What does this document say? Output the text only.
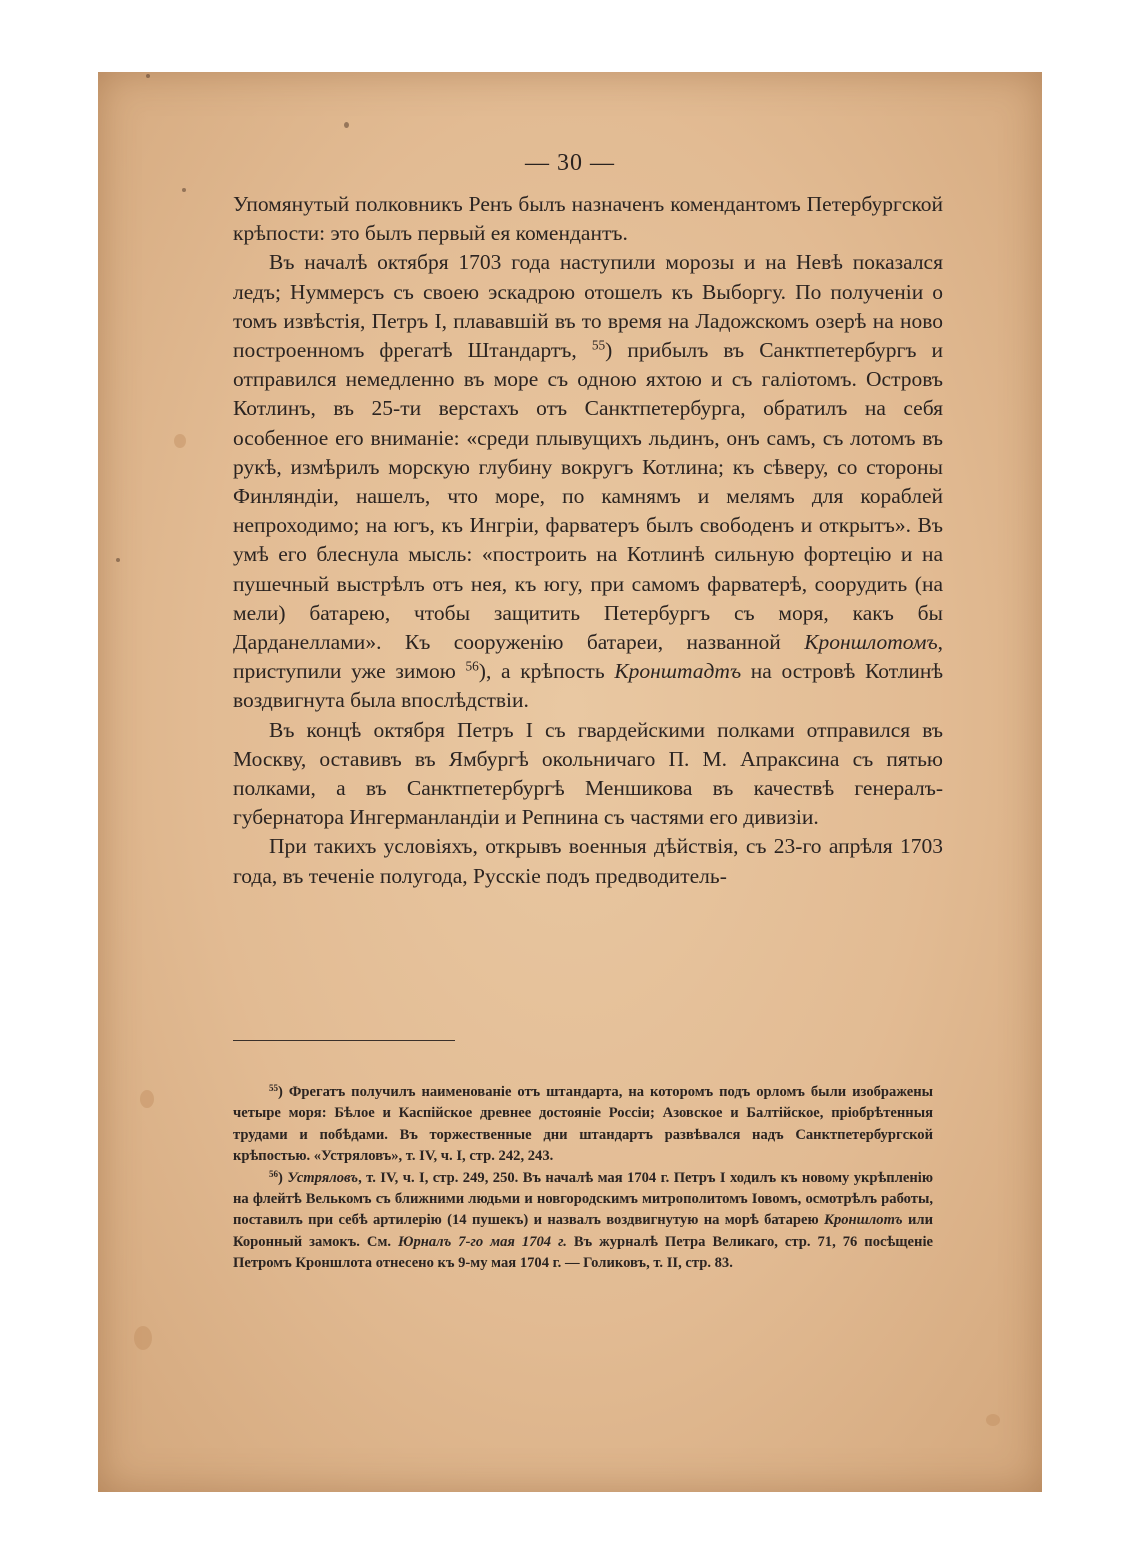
— 30 —

Упомянутый полковникъ Ренъ былъ назначенъ комендантомъ Петербургской крѣпости: это былъ первый ея комендантъ.

Въ началѣ октября 1703 года наступили морозы и на Невѣ показался ледъ; Нуммерсъ съ своею эскадрою отошелъ къ Выборгу. По полученіи о томъ извѣстія, Петръ I, плававшій въ то время на Ладожскомъ озерѣ на ново построенномъ фрегатѣ Штандартъ, $^{55}$) прибылъ въ Санктпетербургъ и отправился немедленно въ море съ одною яхтою и съ галіотомъ. Островъ Котлинъ, въ 25-ти верстахъ отъ Санктпетербурга, обратилъ на себя особенное его вниманіе: «среди плывущихъ льдинъ, онъ самъ, съ лотомъ въ рукѣ, измѣрилъ морскую глубину вокругъ Котлина; къ сѣверу, со стороны Финляндіи, нашелъ, что море, по камнямъ и мелямъ для кораблей непроходимо; на югъ, къ Ингріи, фарватеръ былъ свободенъ и открытъ». Въ умѣ его блеснула мысль: «построить на Котлинѣ сильную фортецію и на пушечный выстрѣлъ отъ нея, къ югу, при самомъ фарватерѣ, соорудить (на мели) батарею, чтобы защитить Петербургъ съ моря, какъ бы Дарданеллами». Къ сооруженію батареи, названной Кроншлотомъ, приступили уже зимою $^{56}$), а крѣпость Кронштадтъ на островѣ Котлинѣ воздвигнута была впослѣдствіи.

Въ концѣ октября Петръ I съ гвардейскими полками отправился въ Москву, оставивъ въ Ямбургѣ окольничаго П. М. Апраксина съ пятью полками, а въ Санктпетербургѣ Меншикова въ качествѣ генералъ-губернатора Ингерманландіи и Репнина съ частями его дивизіи.

При такихъ условіяхъ, открывъ военныя дѣйствія, съ 23-го апрѣля 1703 года, въ теченіе полугода, Русскіе подъ предводитель-

$^{55}$) Фрегатъ получилъ наименованіе отъ штандарта, на которомъ подъ орломъ были изображены четыре моря: Бѣлое и Каспійское древнее достояніе Россіи; Азовское и Балтійское, пріобрѣтенныя трудами и побѣдами. Въ торжественные дни штандартъ развѣвался надъ Санктпетербургской крѣпостью. «Устряловъ», т. IV, ч. I, стр. 242, 243.

$^{56}$) Устряловъ, т. IV, ч. I, стр. 249, 250. Въ началѣ мая 1704 г. Петръ I ходилъ къ новому укрѣпленію на флейтѣ Велькомъ съ ближними людьми и новгородскимъ митрополитомъ Іовомъ, осмотрѣлъ работы, поставилъ при себѣ артилерію (14 пушекъ) и назвалъ воздвигнутую на морѣ батарею Кроншлотъ или Коронный замокъ. См. Юрналъ 7-го мая 1704 г. Въ журналѣ Петра Великаго, стр. 71, 76 посѣщеніе Петромъ Кроншлота отнесено къ 9-му мая 1704 г. — Голиковъ, т. II, стр. 83.
